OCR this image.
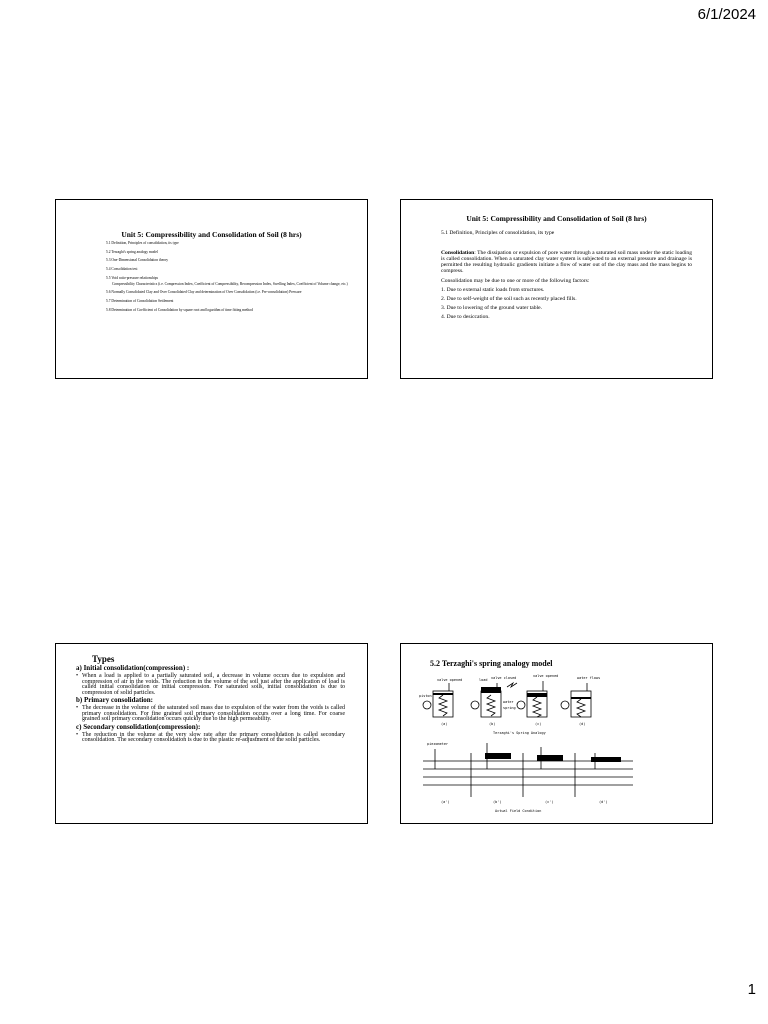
6/1/2024
Unit 5: Compressibility and Consolidation of Soil (8 hrs)
5.1 Definition, Principles of consolidation, its type
5.2 Terzaghi's spring analogy model
5.3 One-Dimensional Consolidation theory
5.4 Consolidation test
5.5 Void ratio-pressure relationships
Compressibility Characteristics (i.e. Compression Index, Coefficient of Compressibility, Recompression Index, Swelling Index, Coefficient of Volume change, etc.)
5.6 Normally Consolidated Clay and Over Consolidated Clay and determination of Over Consolidation (i.e. Pre-consolidation) Pressure
5.7 Determination of Consolidation Settlement
5.8 Determination of Coefficient of Consolidation by square root and logarithm of time fitting method
Unit 5: Compressibility and Consolidation of Soil (8 hrs)

5.1 Definition, Principles of consolidation, its type

Consolidation: The dissipation or expulsion of pore water through a saturated soil mass under the static loading is called consolidation. When a saturated clay water system is subjected to an external pressure and drainage is permitted the resulting hydraulic gradients initiate a flow of water out of the clay mass and the mass begins to compress.

Consolidation may be due to one or more of the following factors:

1. Due to external static loads from structures.

2. Due to self-weight of the soil such as recently placed fills.

3. Due to lowering of the ground water table.

4. Due to desiccation.

Types
a) Initial consolidation(compression) :
• When a load is applied to a partially saturated soil, a decrease in volume occurs due to expulsion and compression of air in the voids. The reduction in the volume of the soil just after the application of load is called initial consolidation or initial compression. For saturated soils, initial consolidation is due to compression of solid particles.
b) Primary consolidation:
• The decrease in the volume of the saturated soil mass due to expulsion of the water from the voids is called primary consolidation. For fine grained soil primary consolidation occurs over a long time. For coarse grained soil primary consolidation occurs quickly due to the high permeability.
c) Secondary consolidation(compression):
• The reduction in the volume at the very slow rate after the primary consolidation is called secondary consolidation. The secondary consolidation is due to the plastic re-adjustment of the solid particles.
5.2 Terzaghi's spring analogy model
valve opened	load valve closed	valve opened	water flows
piston
water
spring
(a)	(b)	(c)	(d)
Terzaghi's Spring Analogy
piezometer
(a')	(b')	(c')	(d')
Actual Field Condition
1
